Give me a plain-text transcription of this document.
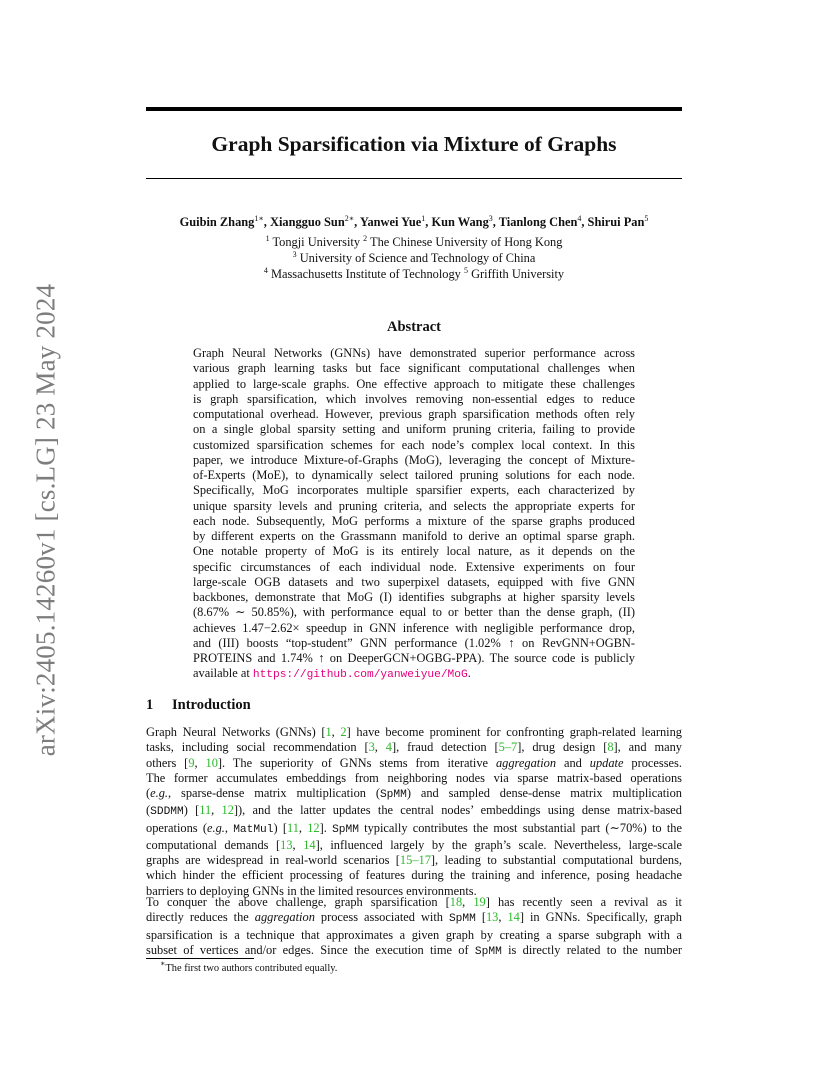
Graph Sparsification via Mixture of Graphs
arXiv:2405.14260v1 [cs.LG] 23 May 2024
Guibin Zhang$^{1∗}$, Xiangguo Sun$^{2∗}$, Yanwei Yue$^1$, Kun Wang$^3$, Tianlong Chen$^4$, Shirui Pan$^5$
$^1$ Tongji University $^2$ The Chinese University of Hong Kong
$^3$ University of Science and Technology of China
$^4$ Massachusetts Institute of Technology $^5$ Griffith University
Abstract
Graph Neural Networks (GNNs) have demonstrated superior performance across
various graph learning tasks but face significant computational challenges when
applied to large-scale graphs. One effective approach to mitigate these challenges
is graph sparsification, which involves removing non-essential edges to reduce
computational overhead. However, previous graph sparsification methods often rely
on a single global sparsity setting and uniform pruning criteria, failing to provide
customized sparsification schemes for each node’s complex local context. In this
paper, we introduce Mixture-of-Graphs (MoG), leveraging the concept of Mixture-
of-Experts (MoE), to dynamically select tailored pruning solutions for each node.
Specifically, MoG incorporates multiple sparsifier experts, each characterized by
unique sparsity levels and pruning criteria, and selects the appropriate experts for
each node. Subsequently, MoG performs a mixture of the sparse graphs produced
by different experts on the Grassmann manifold to derive an optimal sparse graph.
One notable property of MoG is its entirely local nature, as it depends on the
specific circumstances of each individual node. Extensive experiments on four
large-scale OGB datasets and two superpixel datasets, equipped with five GNN
backbones, demonstrate that MoG (I) identifies subgraphs at higher sparsity levels
(8.67% ∼ 50.85%), with performance equal to or better than the dense graph, (II)
achieves 1.47−2.62× speedup in GNN inference with negligible performance drop,
and (III) boosts “top-student” GNN performance (1.02% ↑ on RevGNN+OGBN-
PROTEINS and 1.74% ↑ on DeeperGCN+OGBG-PPA). The source code is publicly
available at https://github.com/yanweiyue/MoG.
1 Introduction
Graph Neural Networks (GNNs) [1, 2] have become prominent for confronting graph-related learning
tasks, including social recommendation [3, 4], fraud detection [5–7], drug design [8], and many
others [9, 10]. The superiority of GNNs stems from iterative aggregation and update processes.
The former accumulates embeddings from neighboring nodes via sparse matrix-based operations
(e.g., sparse-dense matrix multiplication (SpMM) and sampled dense-dense matrix multiplication
(SDDMM) [11, 12]), and the latter updates the central nodes’ embeddings using dense matrix-based
operations (e.g., MatMul) [11, 12]. SpMM typically contributes the most substantial part (∼70%) to the
computational demands [13, 14], influenced largely by the graph’s scale. Nevertheless, large-scale
graphs are widespread in real-world scenarios [15–17], leading to substantial computational burdens,
which hinder the efficient processing of features during the training and inference, posing headache
barriers to deploying GNNs in the limited resources environments.
To conquer the above challenge, graph sparsification [18, 19] has recently seen a revival as it
directly reduces the aggregation process associated with SpMM [13, 14] in GNNs. Specifically, graph
sparsification is a technique that approximates a given graph by creating a sparse subgraph with a
subset of vertices and/or edges. Since the execution time of SpMM is directly related to the number
∗The first two authors contributed equally.
